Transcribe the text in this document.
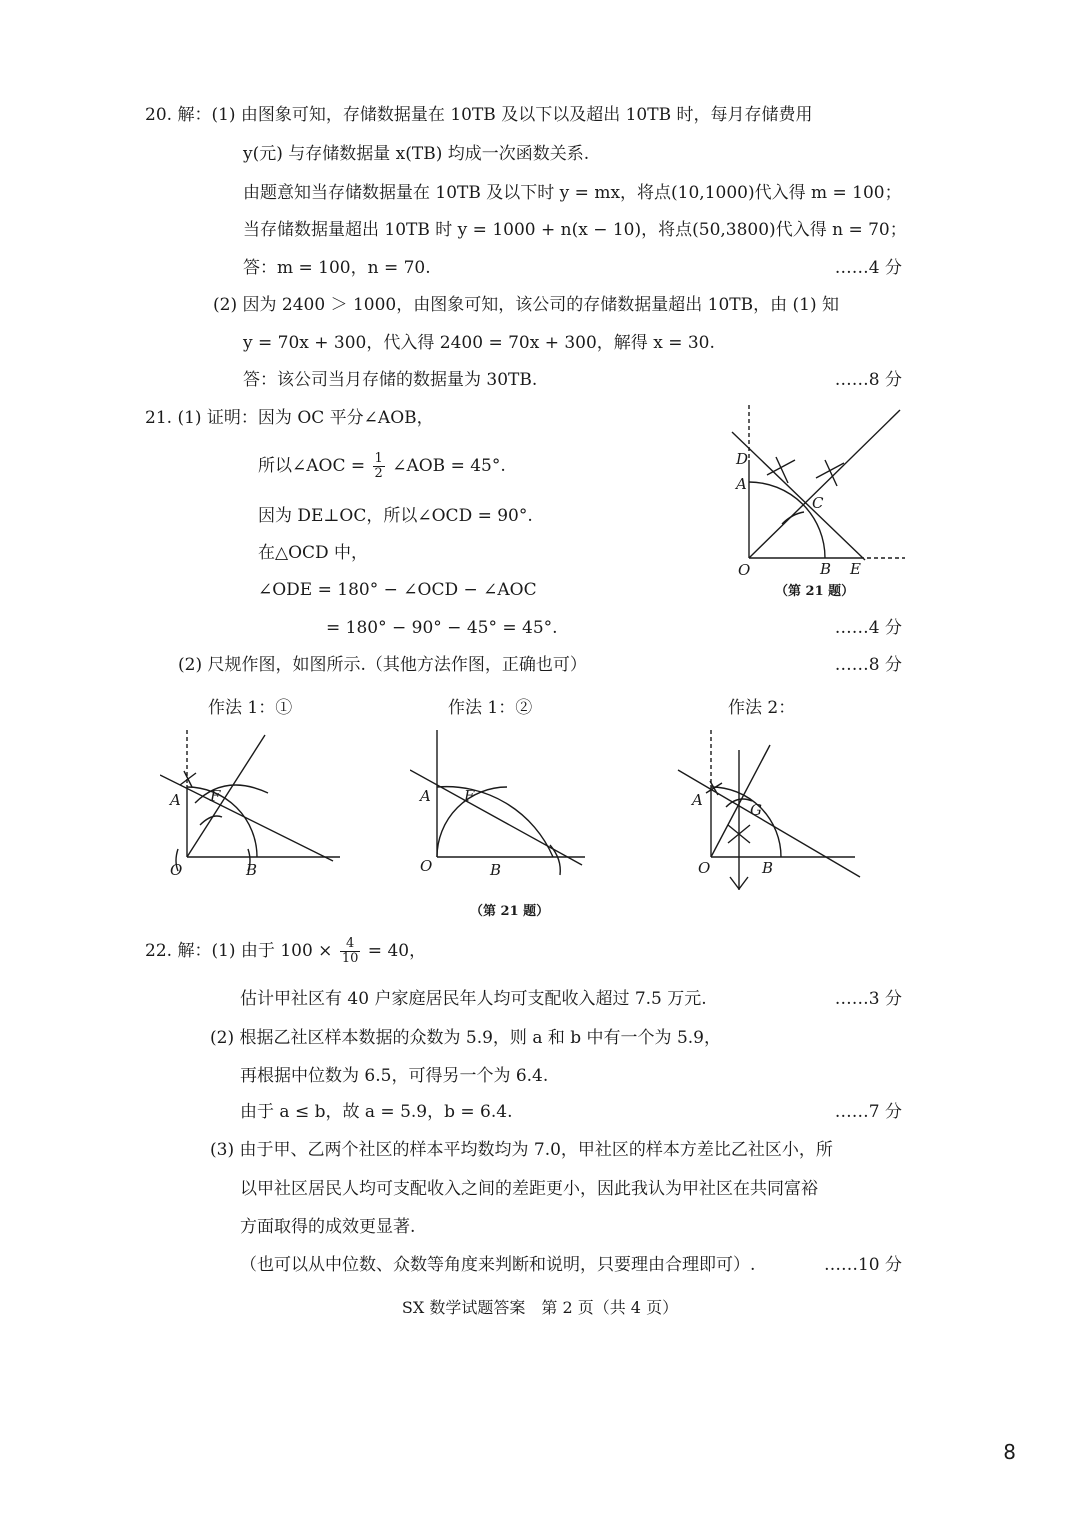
20. 解：(1) 由图象可知，存储数据量在 10TB 及以下以及超出 10TB 时，每月存储费用
y(元) 与存储数据量 x(TB) 均成一次函数关系.
由题意知当存储数据量在 10TB 及以下时 y = mx，将点(10,1000)代入得 m = 100；
当存储数据量超出 10TB 时 y = 1000 + n(x − 10)，将点(50,3800)代入得 n = 70；
答：m = 100，n = 70.	……4 分
(2) 因为 2400 ＞ 1000，由图象可知，该公司的存储数据量超出 10TB，由 (1) 知
y = 70x + 300，代入得 2400 = 70x + 300，解得 x = 30.
答：该公司当月存储的数据量为 30TB.	……8 分
21. (1) 证明：因为 OC 平分∠AOB，
所以∠AOC = $\frac{1}{2}$ ∠AOB = 45°.
因为 DE⊥OC，所以∠OCD = 90°.
在△OCD 中，
∠ODE = 180° − ∠OCD − ∠AOC
= 180° − 90° − 45° = 45°.	……4 分
(2) 尺规作图，如图所示.（其他方法作图，正确也可）	……8 分
D
A
C
O	B E
（第 21 题）
作法 1：①	作法 1：②	作法 2：
A F
O	B
A F
O	B
A
G
O	B
（第 21 题）
22. 解：(1) 由于 $100 \times \frac{4}{10} = 40$，
估计甲社区有 40 户家庭居民年人均可支配收入超过 7.5 万元.	……3 分
(2) 根据乙社区样本数据的众数为 5.9，则 a 和 b 中有一个为 5.9，
再根据中位数为 6.5，可得另一个为 6.4.
由于 a ≤ b，故 a = 5.9，b = 6.4.	……7 分
(3) 由于甲、乙两个社区的样本平均数均为 7.0，甲社区的样本方差比乙社区小，所
以甲社区居民人均可支配收入之间的差距更小，因此我认为甲社区在共同富裕
方面取得的成效更显著.
（也可以从中位数、众数等角度来判断和说明，只要理由合理即可）.	……10 分
SX 数学试题答案　第 2 页（共 4 页）
8
